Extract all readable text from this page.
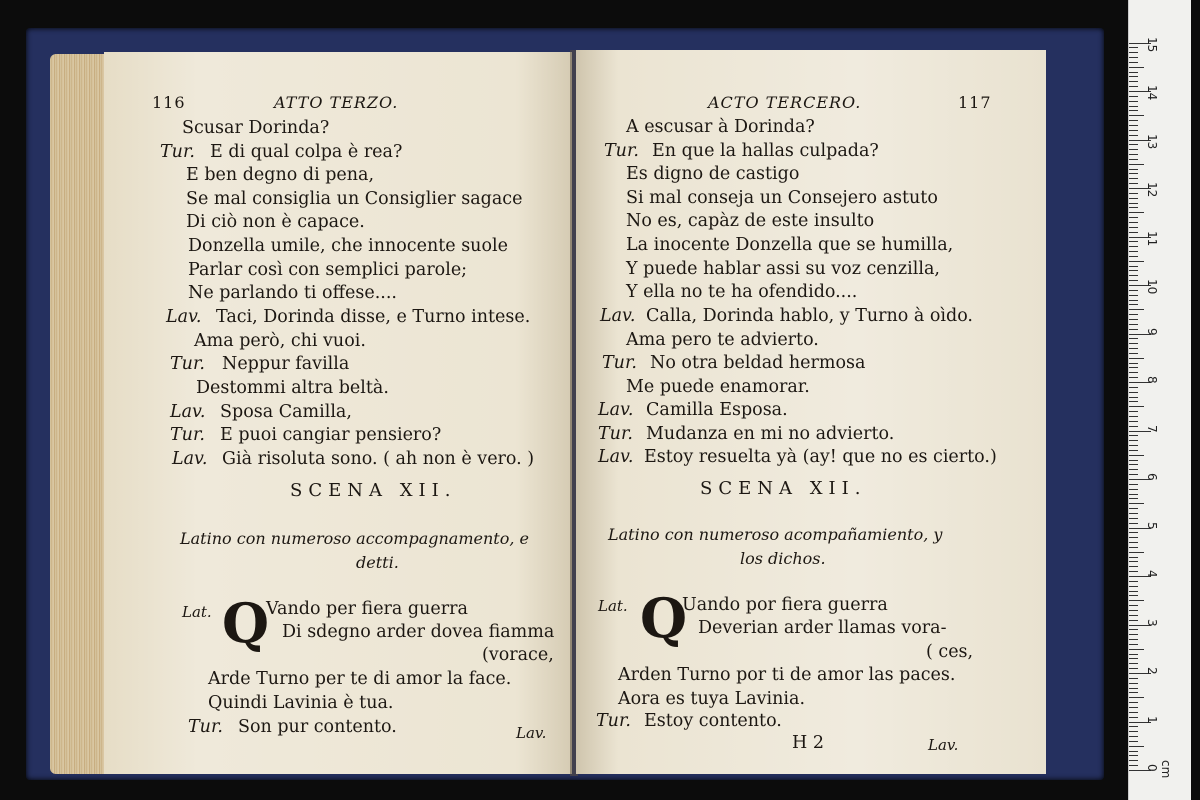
116	ATTO TERZO.
Scusar Dorinda?
Tur. E di qual colpa è rea?
E ben degno di pena,
Se mal consiglia un Consiglier sagace
Di ciò non è capace.
Donzella umile, che innocente suole
Parlar così con semplici parole;
Ne parlando ti offese....
Lav. Taci, Dorinda disse, e Turno intese.
Ama però, chi vuoi.
Tur. Neppur favilla
Destommi altra beltà.
Lav. Sposa Camilla,
Tur. E puoi cangiar pensiero?
Lav. Già risoluta sono. ( ah non è vero. )
SCENA XII.
Latino con numeroso accompagnamento, e
detti.
Lat. Q
Vando per fiera guerra
Di sdegno arder dovea fiamma
(vorace,
Arde Turno per te di amor la face.
Quindi Lavinia è tua.
Tur. Son pur contento.	Lav.
ACTO TERCERO.	117
A escusar à Dorinda?
Tur. En que la hallas culpada?
Es digno de castigo
Si mal conseja un Consejero astuto
No es, capàz de este insulto
La inocente Donzella que se humilla,
Y puede hablar assi su voz cenzilla,
Y ella no te ha ofendido....
Lav. Calla, Dorinda hablo, y Turno à oìdo.
Ama pero te advierto.
Tur. No otra beldad hermosa
Me puede enamorar.
Lav. Camilla Esposa.
Tur. Mudanza en mi no advierto.
Lav. Estoy resuelta yà (ay! que no es cierto.)
SCENA XII.
Latino con numeroso acompañamiento, y
los dichos.
Lat. Q
Uando por fiera guerra
Deverian arder llamas vora-
( ces,
Arden Turno por ti de amor las paces.
Aora es tuya Lavinia.
Tur. Estoy contento.
H 2	Lav.
1
2
3
4
5
6
7
8
9
10
11
12
13
14
15
0 cm
